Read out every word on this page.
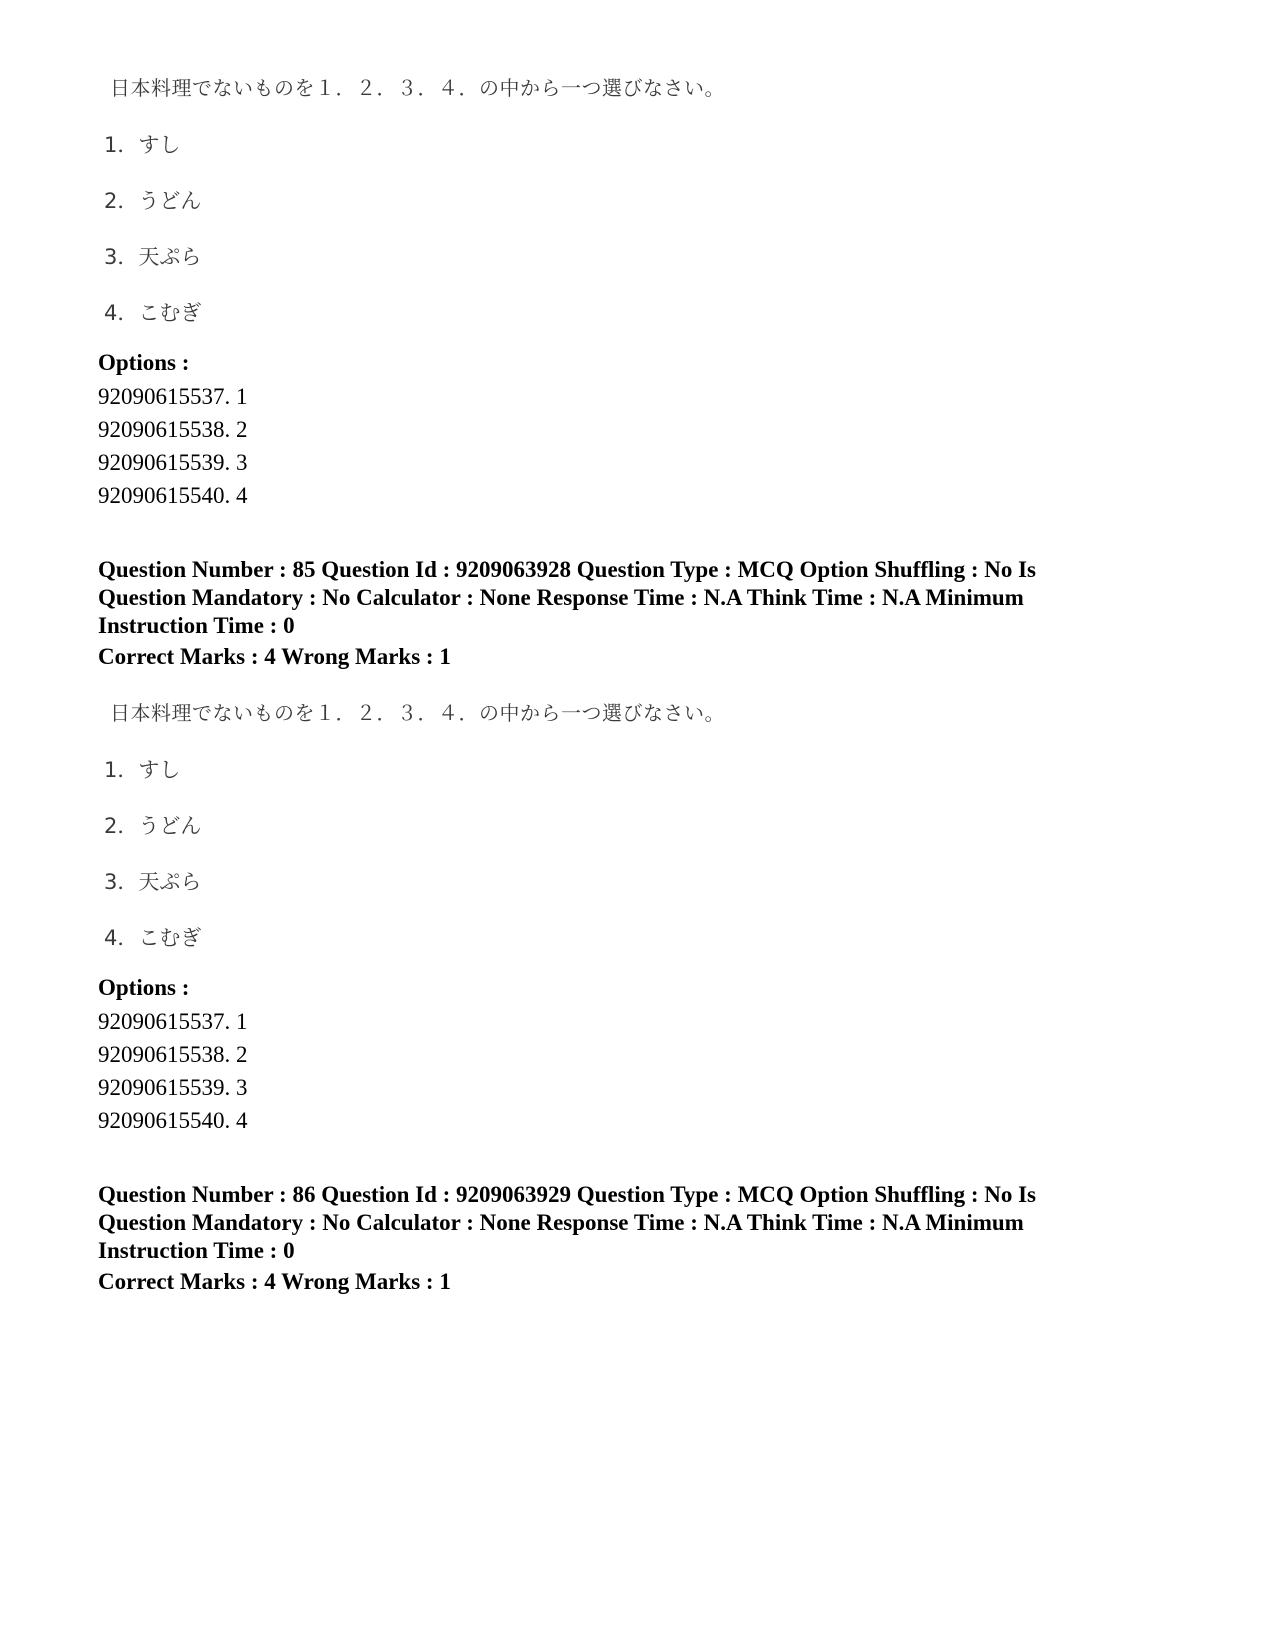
日本料理でないものを１．２．３．４．の中から一つ選びなさい。
1．すし
2．うどん
3．天ぷら
4．こむぎ
Options :
92090615537. 1
92090615538. 2
92090615539. 3
92090615540. 4
Question Number : 85 Question Id : 9209063928 Question Type : MCQ Option Shuffling : No Is
Question Mandatory : No Calculator : None Response Time : N.A Think Time : N.A Minimum
Instruction Time : 0
Correct Marks : 4 Wrong Marks : 1
日本料理でないものを１．２．３．４．の中から一つ選びなさい。
1．すし
2．うどん
3．天ぷら
4．こむぎ
Options :
92090615537. 1
92090615538. 2
92090615539. 3
92090615540. 4
Question Number : 86 Question Id : 9209063929 Question Type : MCQ Option Shuffling : No Is
Question Mandatory : No Calculator : None Response Time : N.A Think Time : N.A Minimum
Instruction Time : 0
Correct Marks : 4 Wrong Marks : 1
